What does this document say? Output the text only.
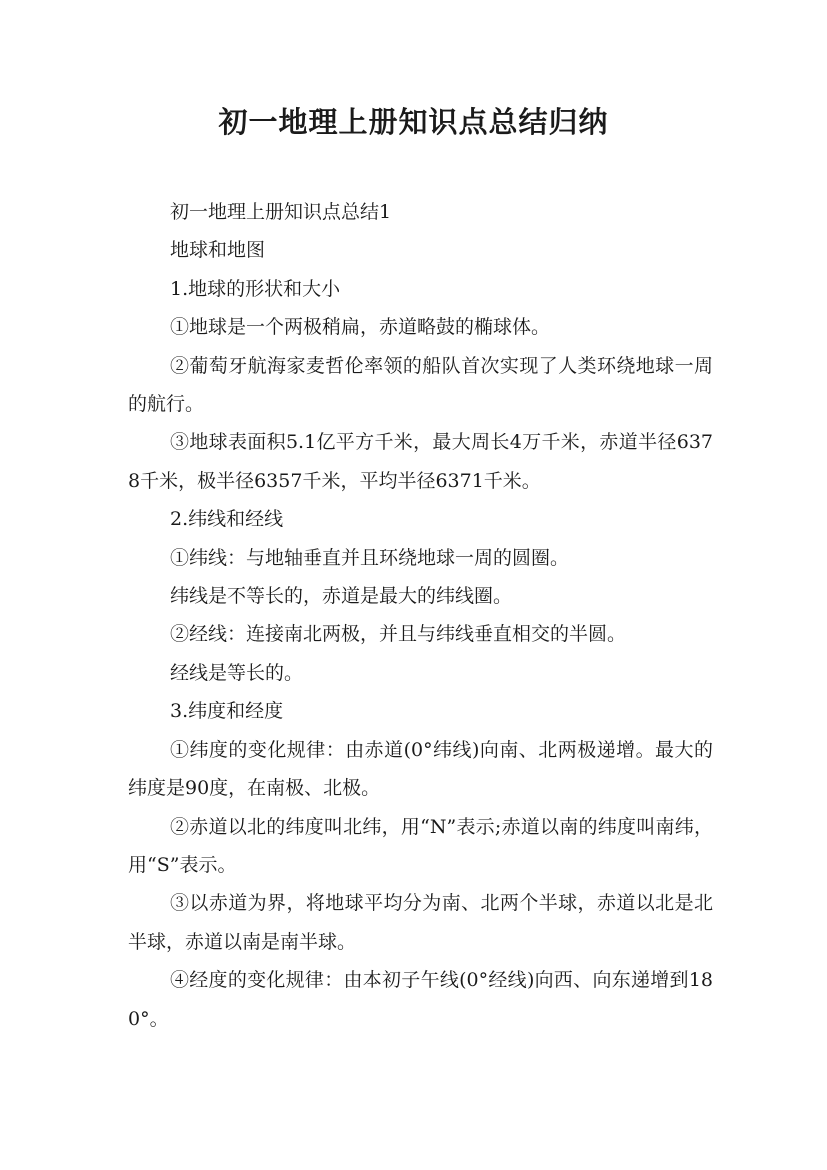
初一地理上册知识点总结归纳

初一地理上册知识点总结1

地球和地图

1.地球的形状和大小

①地球是一个两极稍扁，赤道略鼓的椭球体。

②葡萄牙航海家麦哲伦率领的船队首次实现了人类环绕地球一周的航行。

③地球表面积5.1亿平方千米，最大周长4万千米，赤道半径6378千米，极半径6357千米，平均半径6371千米。

2.纬线和经线

①纬线：与地轴垂直并且环绕地球一周的圆圈。

纬线是不等长的，赤道是最大的纬线圈。

②经线：连接南北两极，并且与纬线垂直相交的半圆。

经线是等长的。

3.纬度和经度

①纬度的变化规律：由赤道(0°纬线)向南、北两极递增。最大的纬度是90度，在南极、北极。

②赤道以北的纬度叫北纬，用“N”表示;赤道以南的纬度叫南纬，用“S”表示。

③以赤道为界，将地球平均分为南、北两个半球，赤道以北是北半球，赤道以南是南半球。

④经度的变化规律：由本初子午线(0°经线)向西、向东递增到180°。
